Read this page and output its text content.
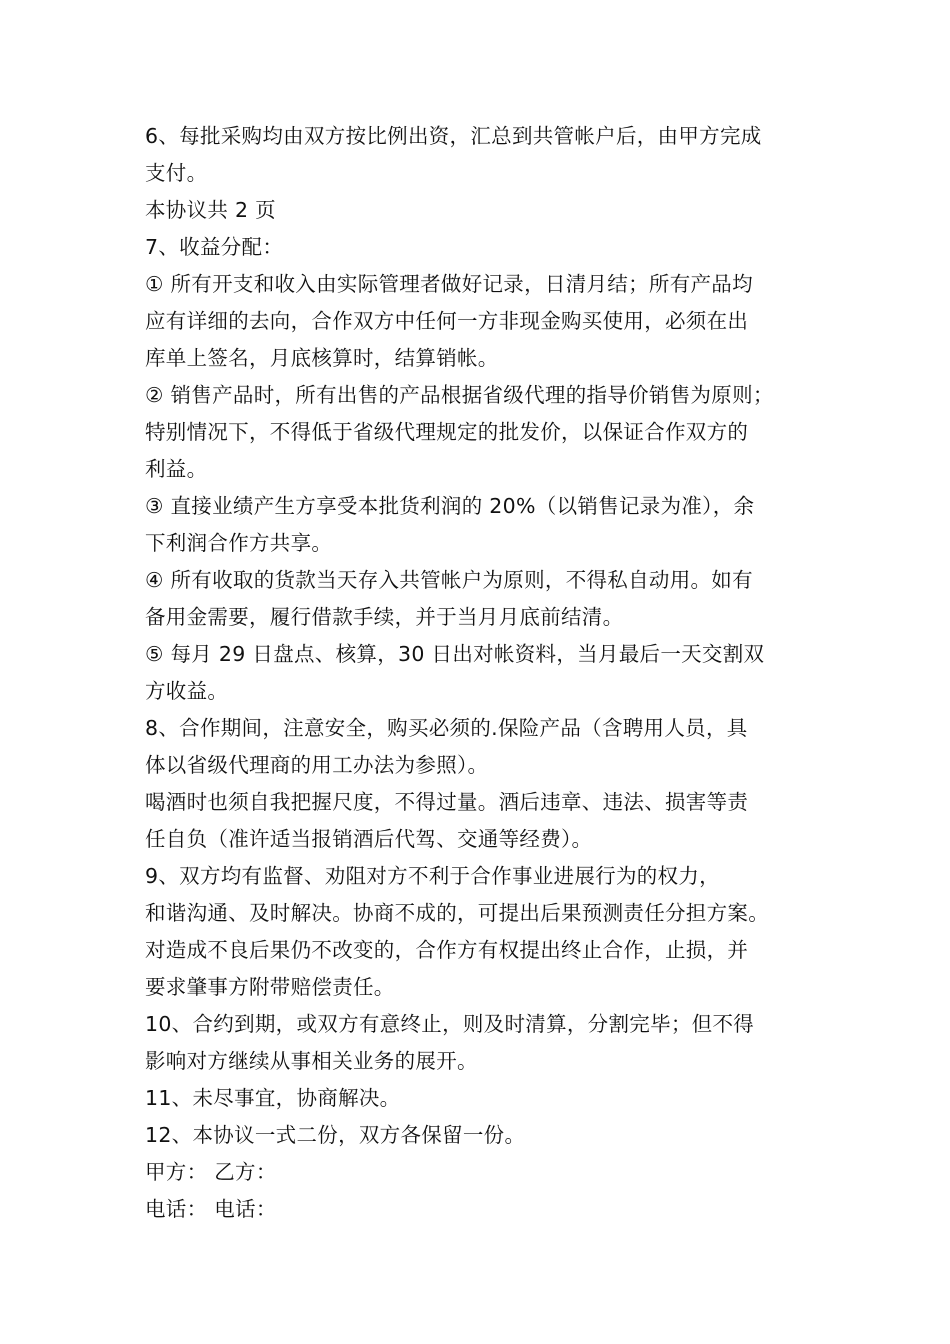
6、每批采购均由双方按比例出资，汇总到共管帐户后，由甲方完成
支付。
本协议共 2 页
7、收益分配：
① 所有开支和收入由实际管理者做好记录，日清月结；所有产品均
应有详细的去向，合作双方中任何一方非现金购买使用，必须在出
库单上签名，月底核算时，结算销帐。
② 销售产品时，所有出售的产品根据省级代理的指导价销售为原则；
特别情况下，不得低于省级代理规定的批发价，以保证合作双方的
利益。
③ 直接业绩产生方享受本批货利润的 20%（以销售记录为准），余
下利润合作方共享。
④ 所有收取的货款当天存入共管帐户为原则，不得私自动用。如有
备用金需要，履行借款手续，并于当月月底前结清。
⑤ 每月 29 日盘点、核算，30 日出对帐资料，当月最后一天交割双
方收益。
8、合作期间，注意安全，购买必须的.保险产品（含聘用人员，具
体以省级代理商的用工办法为参照）。
喝酒时也须自我把握尺度，不得过量。酒后违章、违法、损害等责
任自负（准许适当报销酒后代驾、交通等经费）。
9、双方均有监督、劝阻对方不利于合作事业进展行为的权力，
和谐沟通、及时解决。协商不成的，可提出后果预测责任分担方案。
对造成不良后果仍不改变的，合作方有权提出终止合作，止损，并
要求肇事方附带赔偿责任。
10、合约到期，或双方有意终止，则及时清算，分割完毕；但不得
影响对方继续从事相关业务的展开。
11、未尽事宜，协商解决。
12、本协议一式二份，双方各保留一份。
甲方： 乙方：
电话： 电话：
